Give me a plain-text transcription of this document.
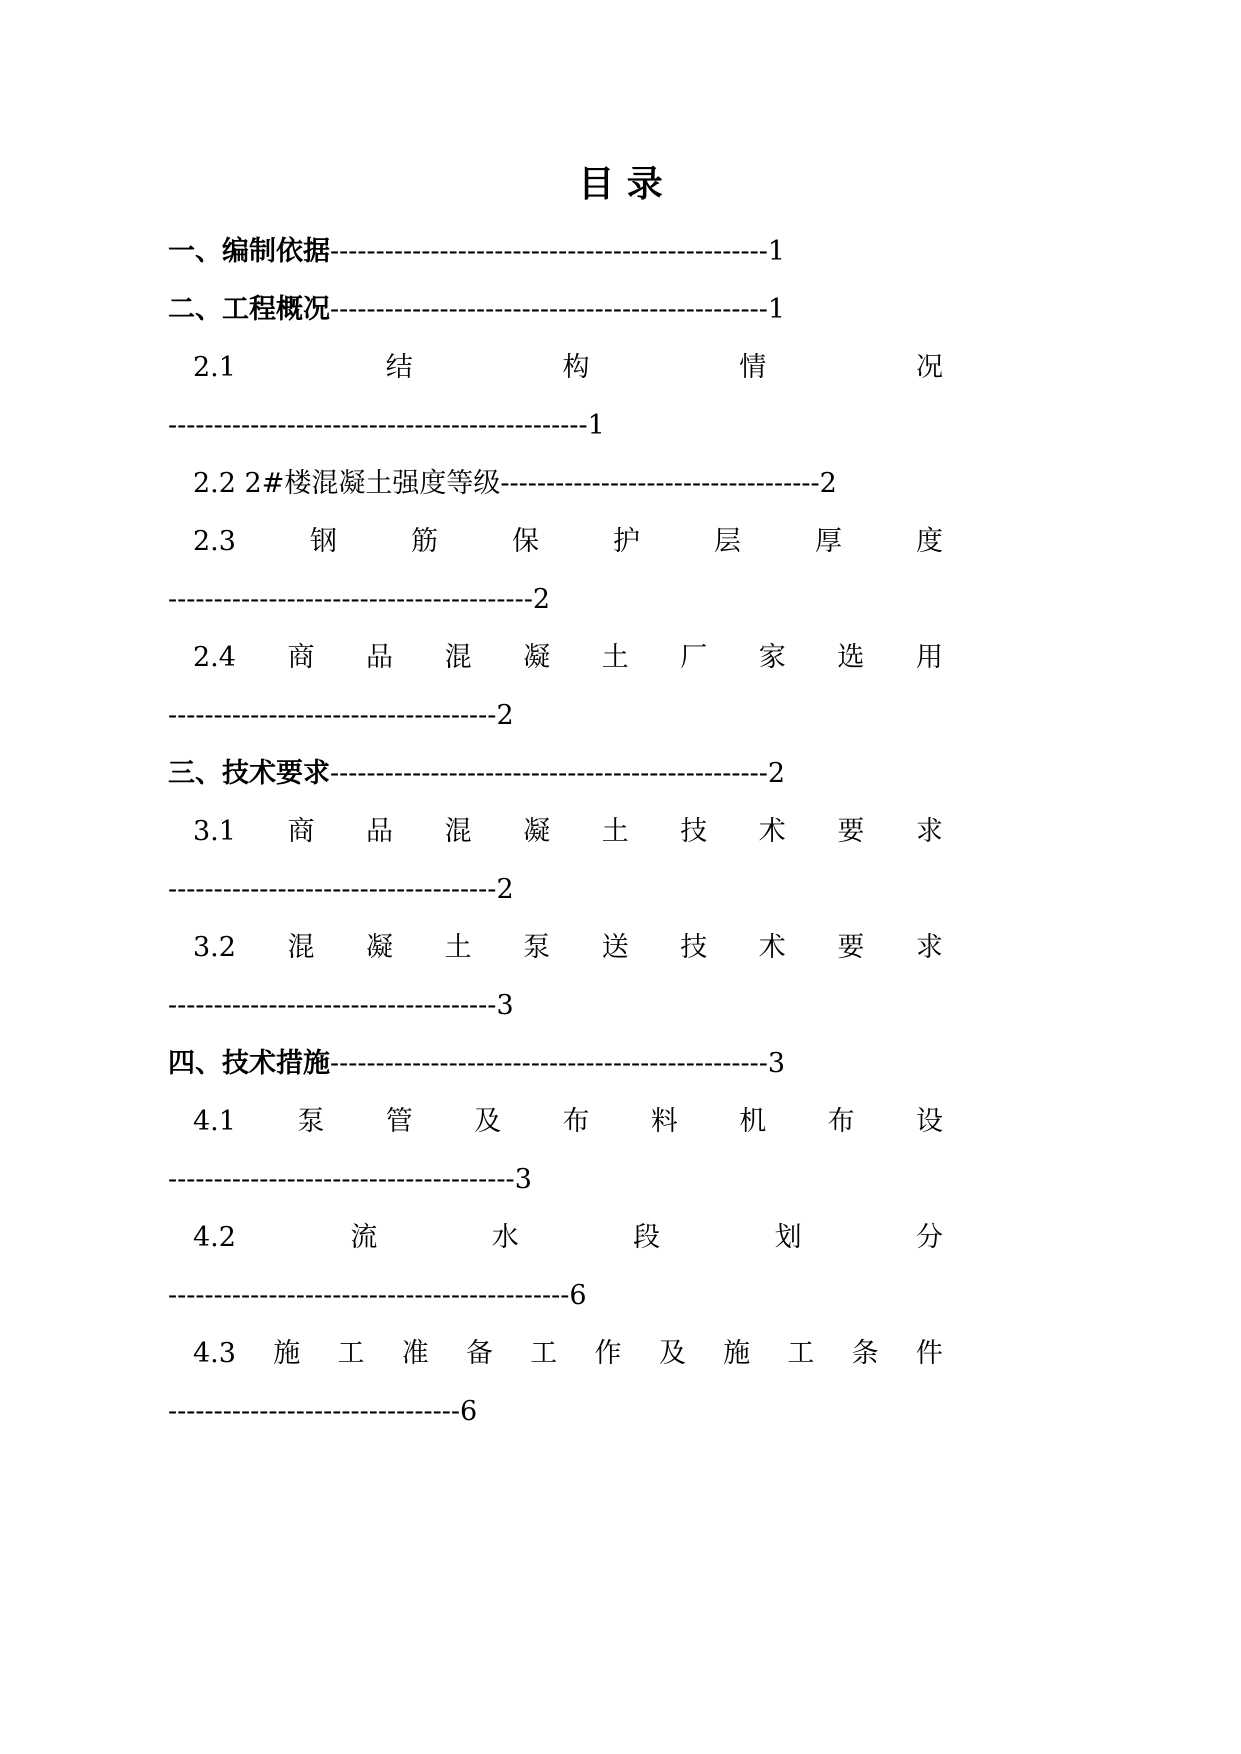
目 录
一、编制依据------------------------------------------------1
二、工程概况------------------------------------------------1
2.1	结	构	情	况
----------------------------------------------1
2.2 2#楼混凝土强度等级-----------------------------------2
2.3	钢	筋	保	护	层	厚	度
----------------------------------------2
2.4 商 品 混 凝 土 厂 家 选 用
------------------------------------2
三、技术要求------------------------------------------------2
3.1 商 品 混 凝 土 技 术 要 求
------------------------------------2
3.2 混 凝 土 泵 送 技 术 要 求
------------------------------------3
四、技术措施------------------------------------------------3
4.1 泵 管 及 布 料 机 布 设
--------------------------------------3
4.2	流	水	段	划	分
--------------------------------------------6
4.3 施 工 准 备 工 作 及 施 工 条 件
--------------------------------6
